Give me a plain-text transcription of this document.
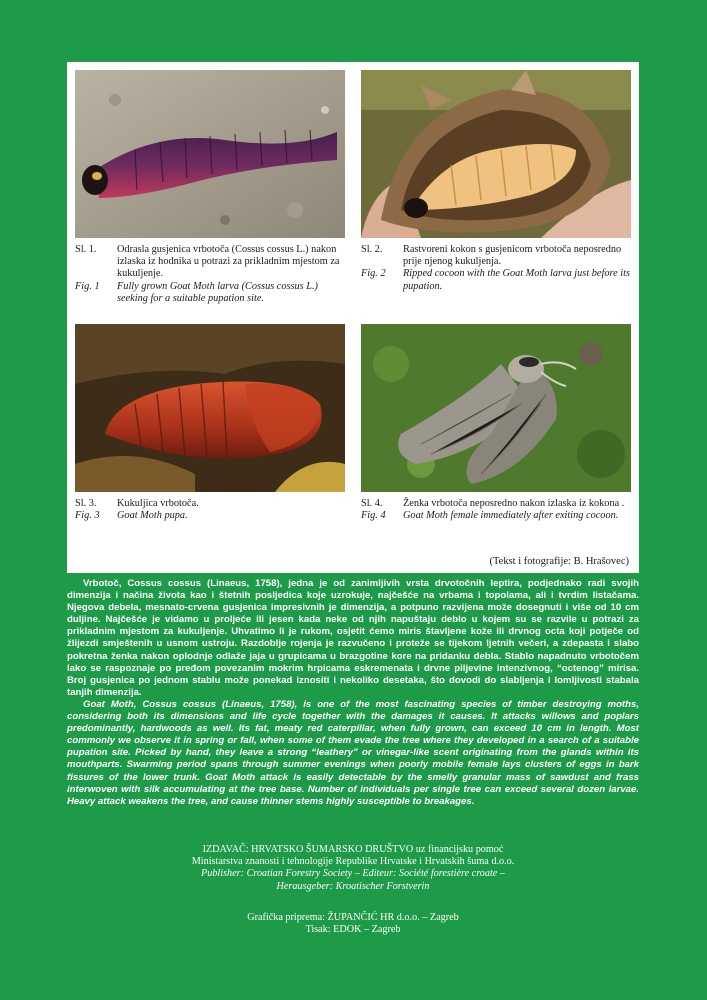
Sl. 1.	Odrasla gusjenica vrbotoča (Cossus cossus L.) nakon izlaska iz hodnika u potrazi za prikladnim mjestom za kukuljenje.
Fig. 1	Fully grown Goat Moth larva (Cossus cossus L.) seeking for a suitable pupation site.
Sl. 2.	Rastvoreni kokon s gusjenicom vrbotoča neposredno prije njenog kukuljenja.
Fig. 2	Ripped cocoon with the Goat Moth larva just before its pupation.
Sl. 3.	Kukuljica vrbotoča.
Fig. 3	Goat Moth pupa.
Sl. 4.	Ženka vrbotoča neposredno nakon izlaska iz kokona .
Fig. 4	Goat Moth female immediately after exiting cocoon.
(Tekst i fotografije: B. Hrašovec)

Vrbotoč, Cossus cossus (Linaeus, 1758), jedna je od zanimljivih vrsta drvotočnih leptira, podjednako radi svojih dimenzija i načina života kao i štetnih posljedica koje uzrokuje, najčešće na vrbama i topolama, ali i tvrdim listačama. Njegova debela, mesnato-crvena gusjenica impresivnih je dimenzija, a potpuno razvijena može dosegnuti i više od 10 cm duljine. Najčešće je vidamo u proljeće ili jesen kada neke od njih napuštaju deblo u kojem su se razvile u potrazi za prikladnim mjestom za kukuljenje. Uhvatimo li je rukom, osjetit ćemo miris štavljene kože ili drvnog octa koji potječe od žlijezdi smještenih u usnom ustroju. Razdoblje rojenja je razvučeno i proteže se tijekom ljetnih večeri, a zdepasta i slabo pokretna ženka nakon oplodnje odlaže jaja u grupicama u brazgotine kore na pridanku debla. Stablo napadnuto vrbotočem lako se raspoznaje po pređom povezanim mokrim hrpicama eskremenata i drvne piljevine intenzivnog, “octenog” mirisa. Broj gusjenica po jednom stablu može ponekad iznositi i nekoliko desetaka, što dovodi do slabljenja i lomljivosti stabala tanjih dimenzija.

Goat Moth, Cossus cossus (Linaeus, 1758), is one of the most fascinating species of timber destroying moths, considering both its dimensions and life cycle together with the damages it causes. It attacks willows and poplars predominantly, hardwoods as well. Its fat, meaty red caterpillar, when fully grown, can exceed 10 cm in length. Most commonly we observe it in spring or fall, when some of them evade the tree where they developed in a search of a suitable pupation site. Picked by hand, they leave a strong “leathery” or vinegar-like scent originating from the glands within its mouthparts. Swarming period spans through summer evenings when poorly mobile female lays clusters of eggs in bark fissures of the lower trunk. Goat Moth attack is easily detectable by the smelly granular mass of sawdust and frass interwoven with silk accumulating at the tree base. Number of individuals per single tree can exceed several dozen larvae. Heavy attack weakens the tree, and cause thinner stems highly susceptible to breakages.

IZDAVAČ: HRVATSKO ŠUMARSKO DRUŠTVO uz financijsku pomoć
Ministarstva znanosti i tehnologije Republike Hrvatske i Hrvatskih šuma d.o.o.
Publisher: Croatian Forestry Society – Editeur: Société forestière croate –
Herausgeber: Kroatischer Forstverin
Grafička priprema: ŽUPANČIĆ HR d.o.o. – Zagreb
Tisak: EDOK – Zagreb
